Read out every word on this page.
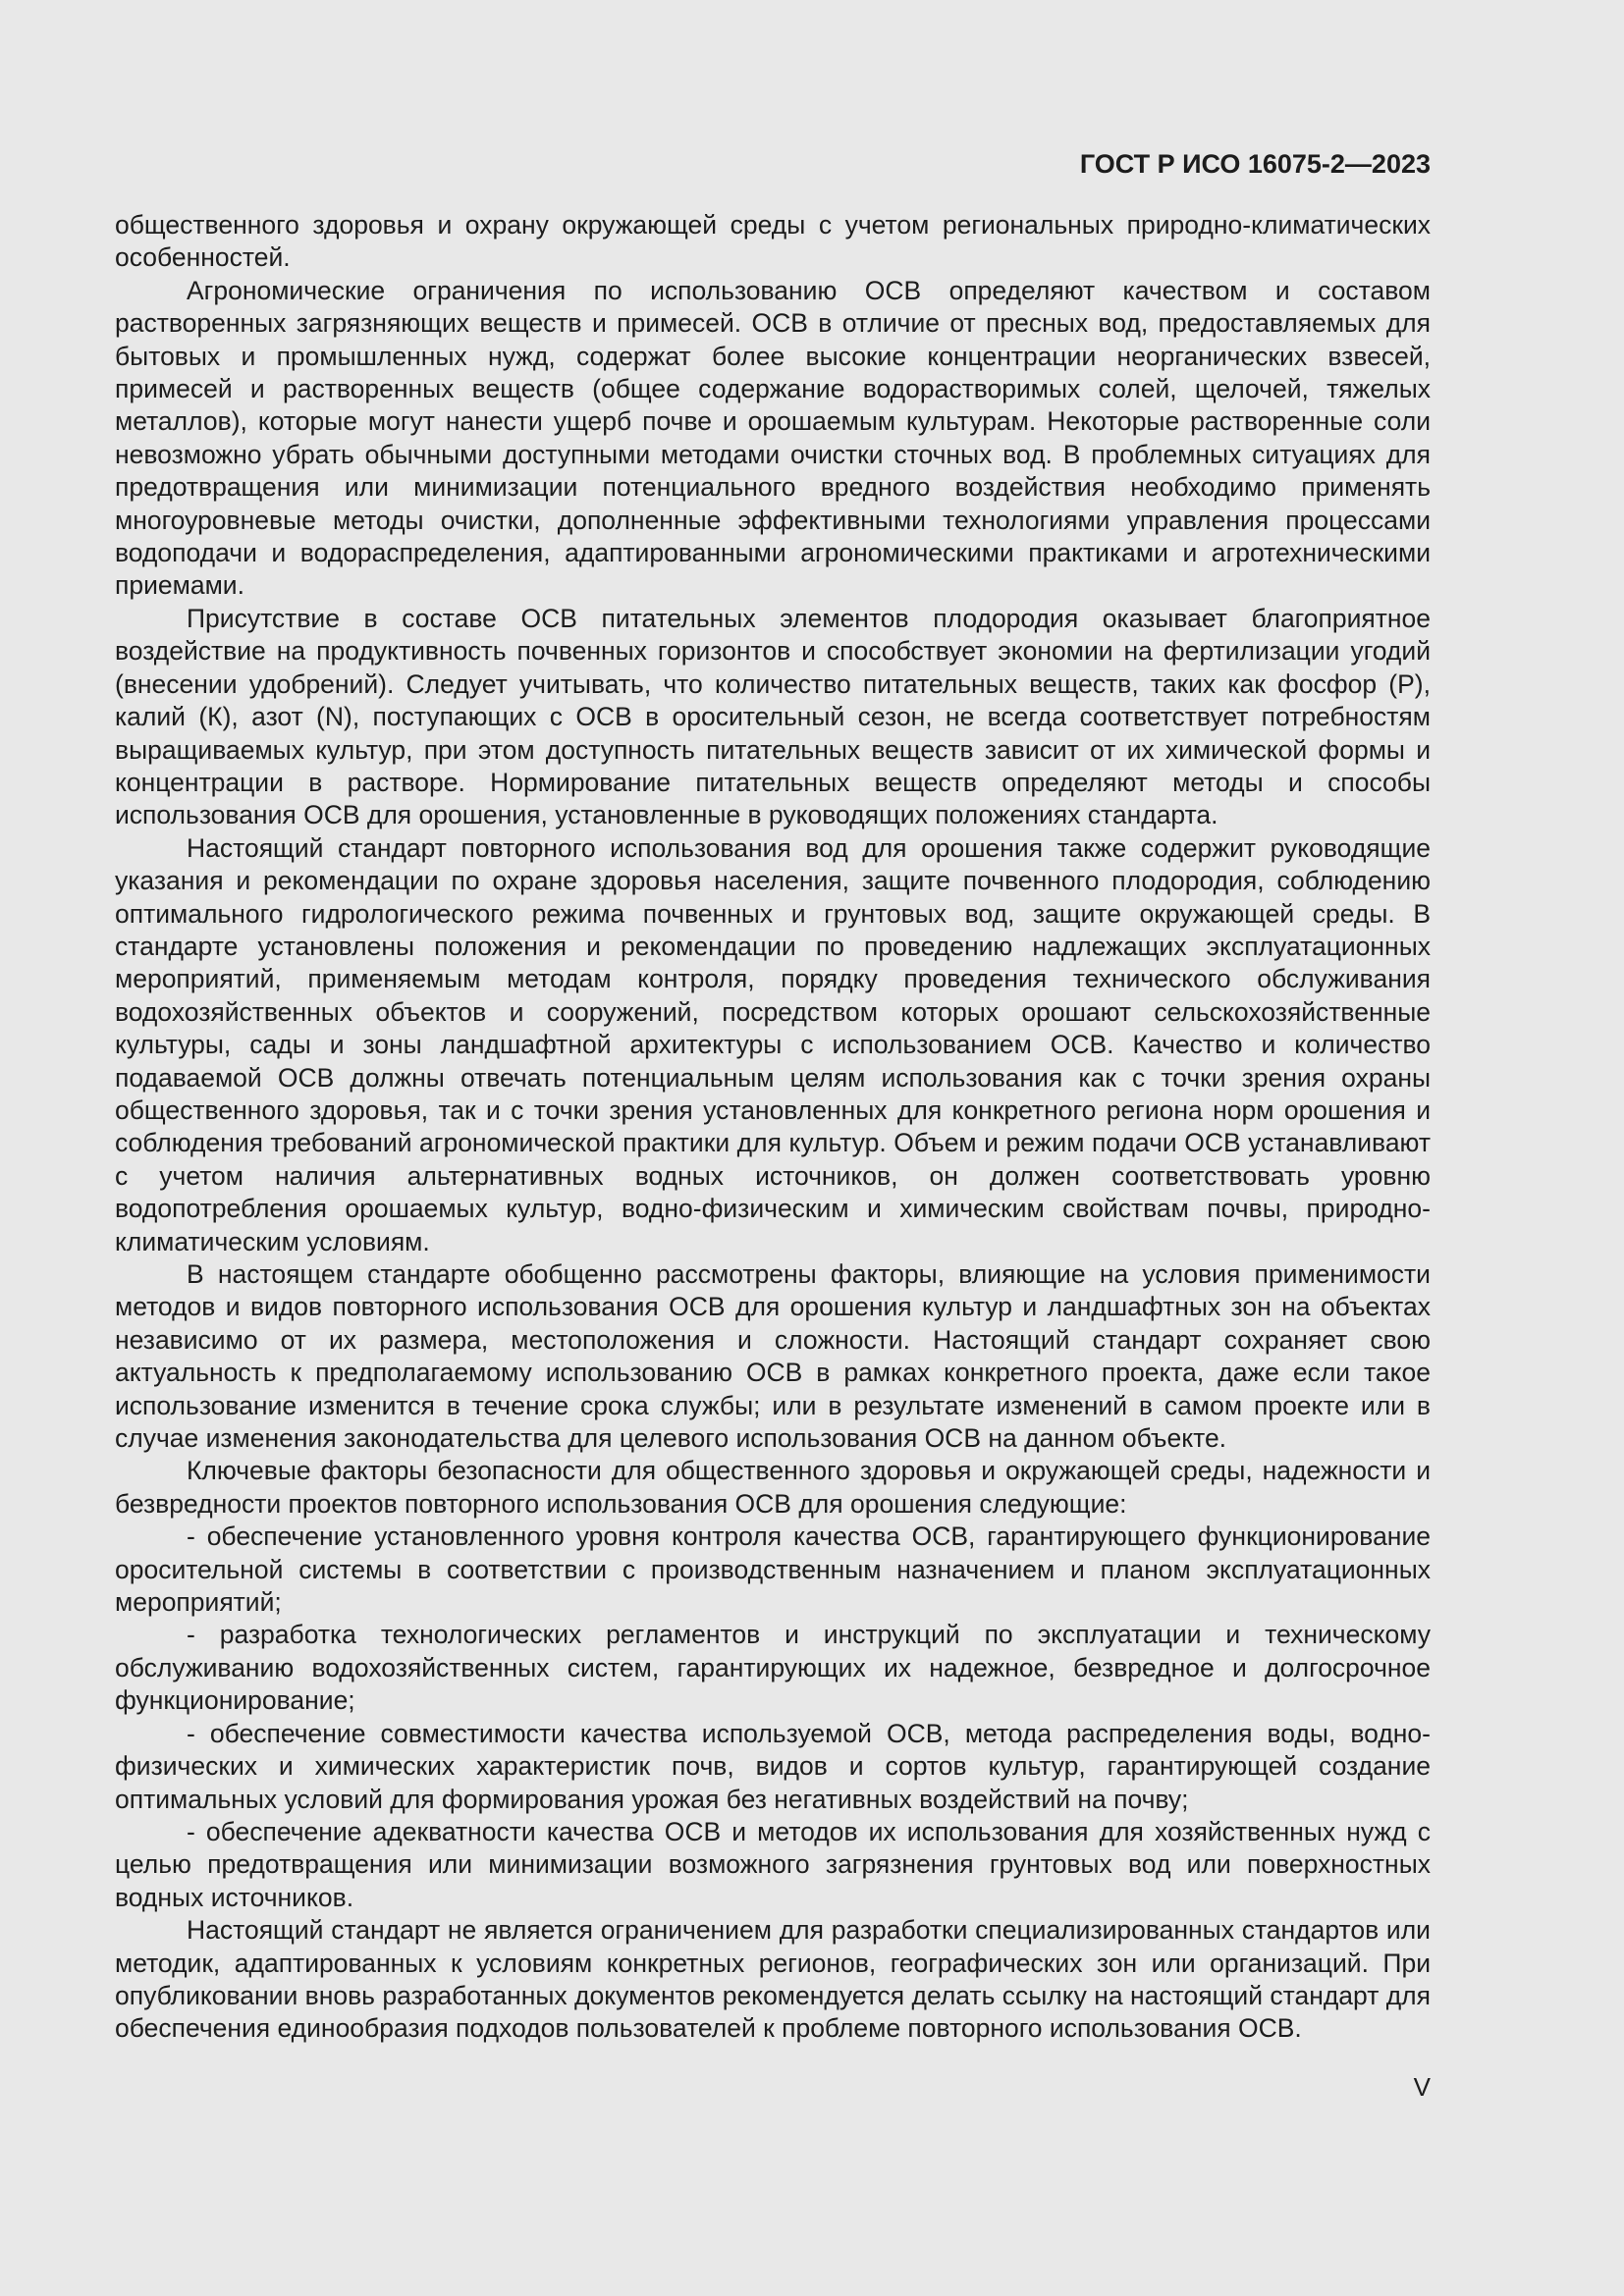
ГОСТ Р ИСО 16075-2—2023

общественного здоровья и охрану окружающей среды с учетом региональных природно-климатических особенностей.

Агрономические ограничения по использованию ОСВ определяют качеством и составом растворенных загрязняющих веществ и примесей. ОСВ в отличие от пресных вод, предоставляемых для бытовых и промышленных нужд, содержат более высокие концентрации неорганических взвесей, примесей и растворенных веществ (общее содержание водорастворимых солей, щелочей, тяжелых металлов), которые могут нанести ущерб почве и орошаемым культурам. Некоторые растворенные соли невозможно убрать обычными доступными методами очистки сточных вод. В проблемных ситуациях для предотвращения или минимизации потенциального вредного воздействия необходимо применять многоуровневые методы очистки, дополненные эффективными технологиями управления процессами водоподачи и водораспределения, адаптированными агрономическими практиками и агротехническими приемами.

Присутствие в составе ОСВ питательных элементов плодородия оказывает благоприятное воздействие на продуктивность почвенных горизонтов и способствует экономии на фертилизации угодий (внесении удобрений). Следует учитывать, что количество питательных веществ, таких как фосфор (Р), калий (К), азот (N), поступающих с ОСВ в оросительный сезон, не всегда соответствует потребностям выращиваемых культур, при этом доступность питательных веществ зависит от их химической формы и концентрации в растворе. Нормирование питательных веществ определяют методы и способы использования ОСВ для орошения, установленные в руководящих положениях стандарта.

Настоящий стандарт повторного использования вод для орошения также содержит руководящие указания и рекомендации по охране здоровья населения, защите почвенного плодородия, соблюдению оптимального гидрологического режима почвенных и грунтовых вод, защите окружающей среды. В стандарте установлены положения и рекомендации по проведению надлежащих эксплуатационных мероприятий, применяемым методам контроля, порядку проведения технического обслуживания водохозяйственных объектов и сооружений, посредством которых орошают сельскохозяйственные культуры, сады и зоны ландшафтной архитектуры с использованием ОСВ. Качество и количество подаваемой ОСВ должны отвечать потенциальным целям использования как с точки зрения охраны общественного здоровья, так и с точки зрения установленных для конкретного региона норм орошения и соблюдения требований агрономической практики для культур. Объем и режим подачи ОСВ устанавливают с учетом наличия альтернативных водных источников, он должен соответствовать уровню водопотребления орошаемых культур, водно-физическим и химическим свойствам почвы, природно-климатическим условиям.

В настоящем стандарте обобщенно рассмотрены факторы, влияющие на условия применимости методов и видов повторного использования ОСВ для орошения культур и ландшафтных зон на объектах независимо от их размера, местоположения и сложности. Настоящий стандарт сохраняет свою актуальность к предполагаемому использованию ОСВ в рамках конкретного проекта, даже если такое использование изменится в течение срока службы; или в результате изменений в самом проекте или в случае изменения законодательства для целевого использования ОСВ на данном объекте.

Ключевые факторы безопасности для общественного здоровья и окружающей среды, надежности и безвредности проектов повторного использования ОСВ для орошения следующие:

- обеспечение установленного уровня контроля качества ОСВ, гарантирующего функционирование оросительной системы в соответствии с производственным назначением и планом эксплуатационных мероприятий;

- разработка технологических регламентов и инструкций по эксплуатации и техническому обслуживанию водохозяйственных систем, гарантирующих их надежное, безвредное и долгосрочное функционирование;

- обеспечение совместимости качества используемой ОСВ, метода распределения воды, водно-физических и химических характеристик почв, видов и сортов культур, гарантирующей создание оптимальных условий для формирования урожая без негативных воздействий на почву;

- обеспечение адекватности качества ОСВ и методов их использования для хозяйственных нужд с целью предотвращения или минимизации возможного загрязнения грунтовых вод или поверхностных водных источников.

Настоящий стандарт не является ограничением для разработки специализированных стандартов или методик, адаптированных к условиям конкретных регионов, географических зон или организаций. При опубликовании вновь разработанных документов рекомендуется делать ссылку на настоящий стандарт для обеспечения единообразия подходов пользователей к проблеме повторного использования ОСВ.

V
